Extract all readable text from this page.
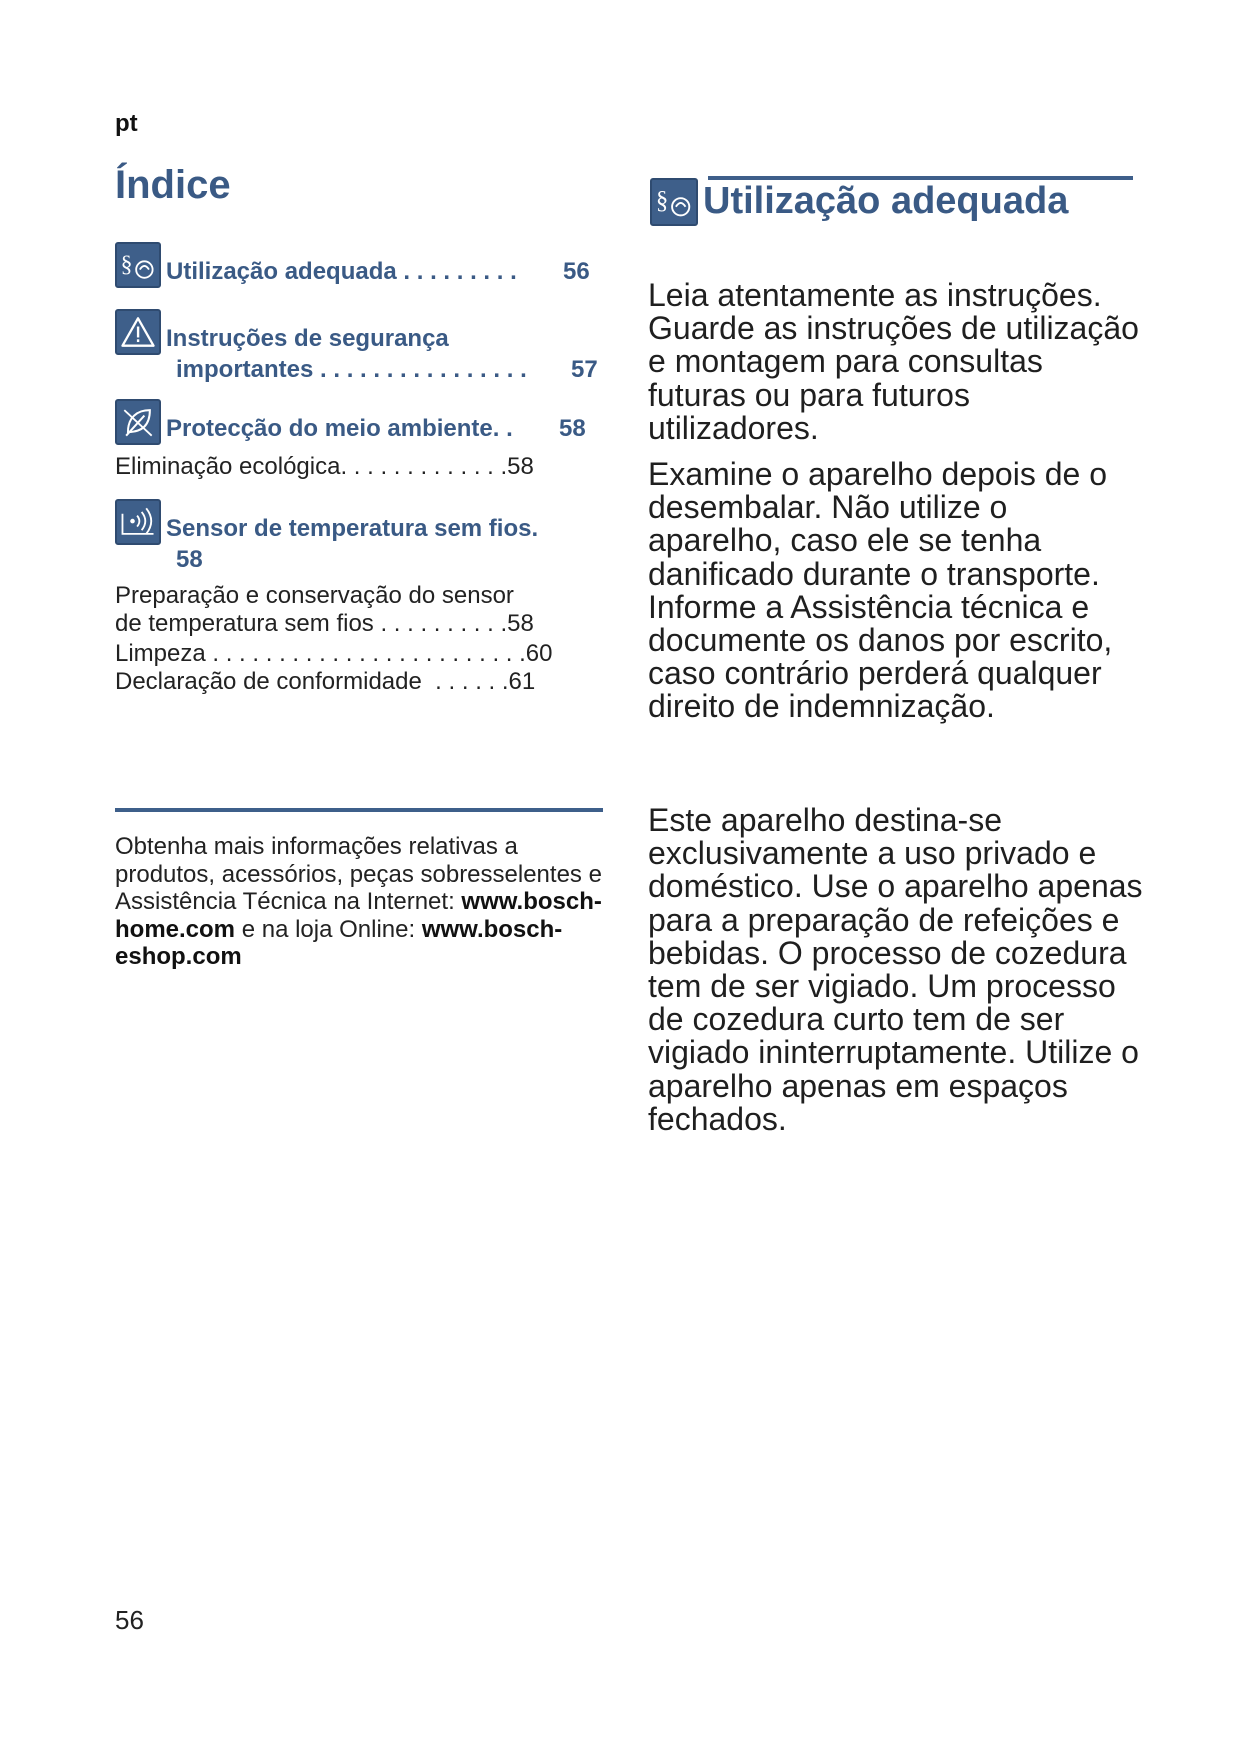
pt
Índice
§ Utilização adequada . . . . . . . . . 56
Instruções de segurança
importantes . . . . . . . . . . . . . . . . 57
Protecção do meio ambiente. . 58
Eliminação ecológica. . . . . . . . . . . . .58
Sensor de temperatura sem fios.
58
Preparação e conservação do sensor
de temperatura sem fios . . . . . . . . . .58
Limpeza . . . . . . . . . . . . . . . . . . . . . . . .60
Declaração de conformidade  . . . . . .61

Obtenha mais informações relativas a produtos, acessórios, peças sobresselentes e Assistência Técnica na Internet: www.bosch-home.com e na loja Online: www.bosch-eshop.com

§ Utilização adequada

Leia atentamente as instruções. Guarde as instruções de utilização e montagem para consultas futuras ou para futuros utilizadores.

Examine o aparelho depois de o desembalar. Não utilize o aparelho, caso ele se tenha danificado durante o transporte. Informe a Assistência técnica e documente os danos por escrito, caso contrário perderá qualquer direito de indemnização.

Este aparelho destina-se exclusivamente a uso privado e doméstico. Use o aparelho apenas para a preparação de refeições e bebidas. O processo de cozedura tem de ser vigiado. Um processo de cozedura curto tem de ser vigiado ininterruptamente. Utilize o aparelho apenas em espaços fechados.

56
